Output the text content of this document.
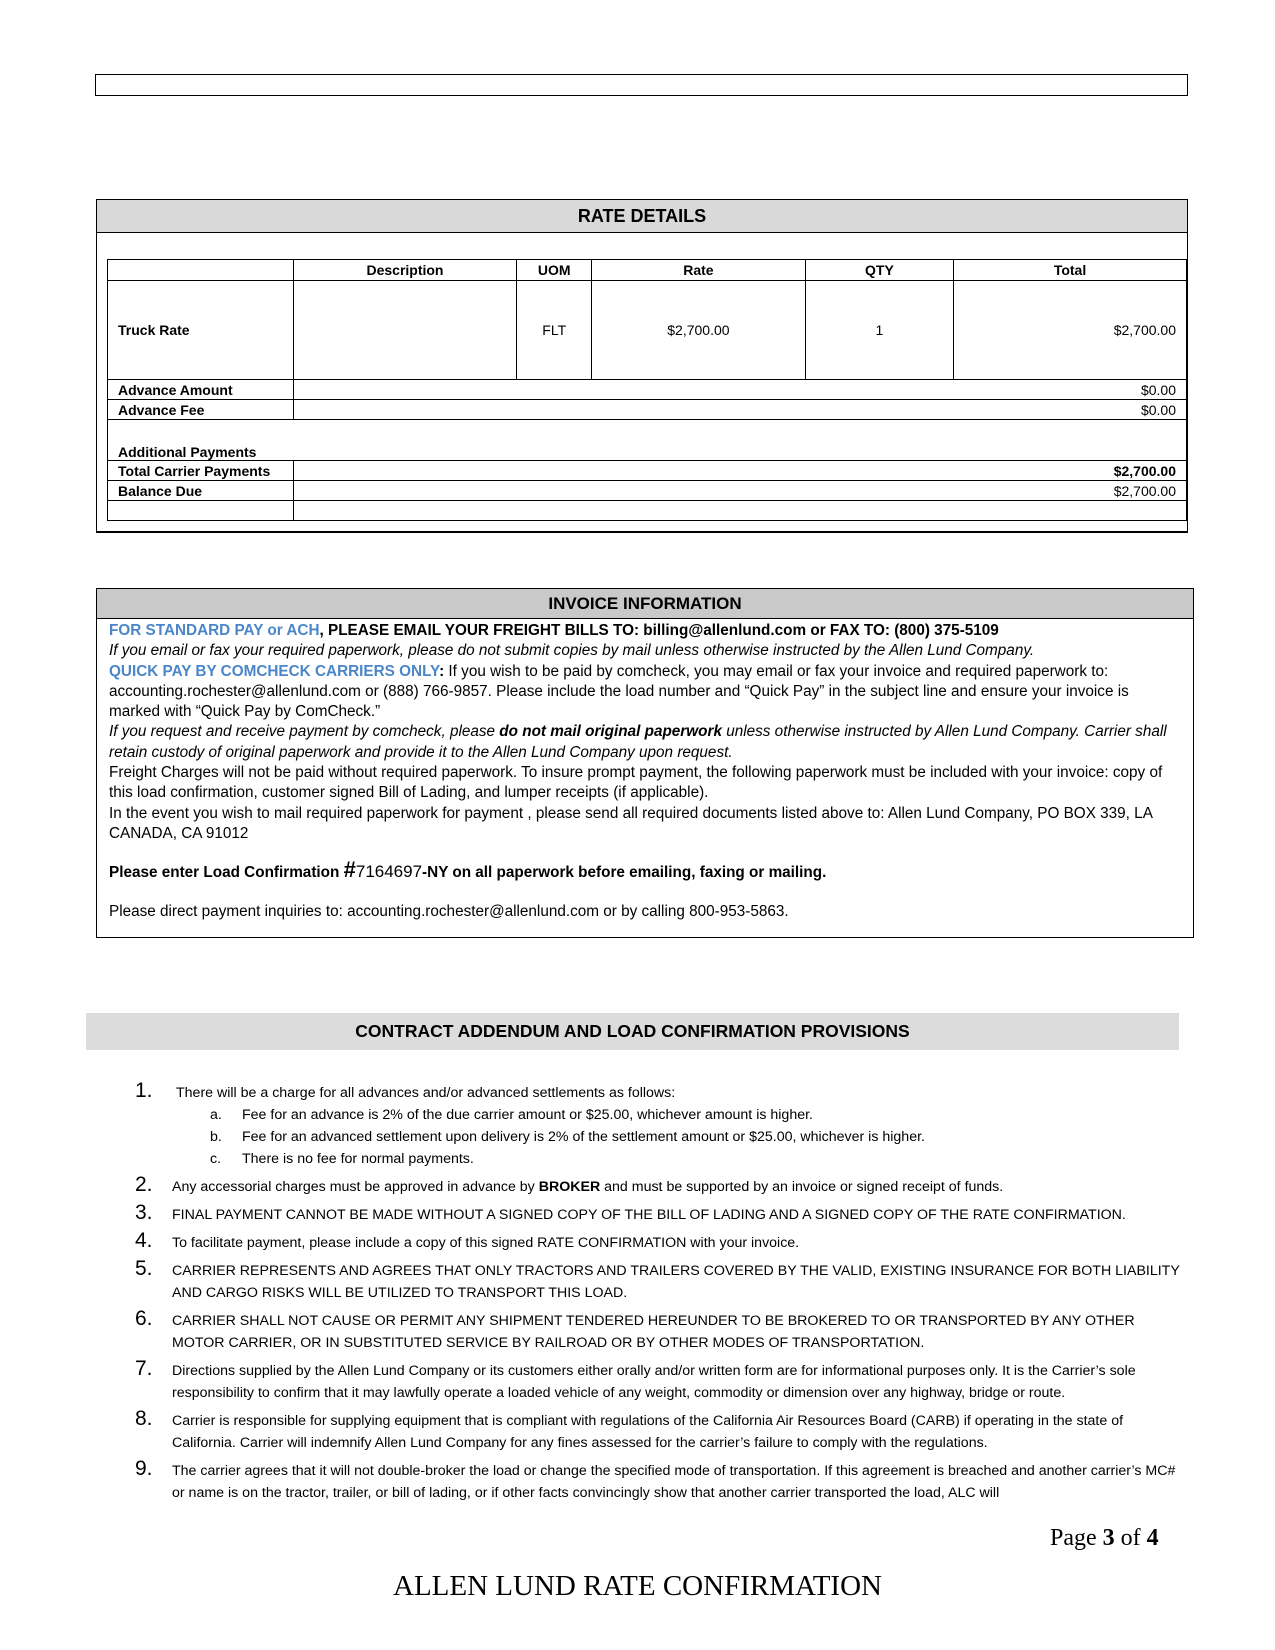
RATE DETAILS
	Description	UOM	Rate	QTY	Total
Truck Rate		FLT	$2,700.00	1	$2,700.00
Advance Amount	$0.00				
Advance Fee	$0.00				
Additional Payments					
Total Carrier Payments	$2,700.00				
Balance Due	$2,700.00				

INVOICE INFORMATION

FOR STANDARD PAY or ACH, PLEASE EMAIL YOUR FREIGHT BILLS TO: billing@allenlund.com or FAX TO: (800) 375-5109

If you email or fax your required paperwork, please do not submit copies by mail unless otherwise instructed by the Allen Lund Company.

QUICK PAY BY COMCHECK CARRIERS ONLY: If you wish to be paid by comcheck, you may email or fax your invoice and required paperwork to: accounting.rochester@allenlund.com or (888) 766-9857. Please include the load number and “Quick Pay” in the subject line and ensure your invoice is marked with “Quick Pay by ComCheck.”

If you request and receive payment by comcheck, please do not mail original paperwork unless otherwise instructed by Allen Lund Company. Carrier shall retain custody of original paperwork and provide it to the Allen Lund Company upon request.

Freight Charges will not be paid without required paperwork. To insure prompt payment, the following paperwork must be included with your invoice: copy of this load confirmation, customer signed Bill of Lading, and lumper receipts (if applicable).

In the event you wish to mail required paperwork for payment , please send all required documents listed above to: Allen Lund Company, PO BOX 339, LA CANADA, CA 91012

Please enter Load Confirmation #7164697-NY on all paperwork before emailing, faxing or mailing.

Please direct payment inquiries to: accounting.rochester@allenlund.com or by calling 800-953-5863.

CONTRACT ADDENDUM AND LOAD CONFIRMATION PROVISIONS
1. There will be a charge for all advances and/or advanced settlements as follows:
a. Fee for an advance is 2% of the due carrier amount or $25.00, whichever amount is higher.
b. Fee for an advanced settlement upon delivery is 2% of the settlement amount or $25.00, whichever is higher.
c. There is no fee for normal payments.
2. Any accessorial charges must be approved in advance by BROKER and must be supported by an invoice or signed receipt of funds.
3. FINAL PAYMENT CANNOT BE MADE WITHOUT A SIGNED COPY OF THE BILL OF LADING AND A SIGNED COPY OF THE RATE CONFIRMATION.
4. To facilitate payment, please include a copy of this signed RATE CONFIRMATION with your invoice.
5. CARRIER REPRESENTS AND AGREES THAT ONLY TRACTORS AND TRAILERS COVERED BY THE VALID, EXISTING INSURANCE FOR BOTH LIABILITY AND CARGO RISKS WILL BE UTILIZED TO TRANSPORT THIS LOAD.
6. CARRIER SHALL NOT CAUSE OR PERMIT ANY SHIPMENT TENDERED HEREUNDER TO BE BROKERED TO OR TRANSPORTED BY ANY OTHER MOTOR CARRIER, OR IN SUBSTITUTED SERVICE BY RAILROAD OR BY OTHER MODES OF TRANSPORTATION.
7. Directions supplied by the Allen Lund Company or its customers either orally and/or written form are for informational purposes only. It is the Carrier’s sole responsibility to confirm that it may lawfully operate a loaded vehicle of any weight, commodity or dimension over any highway, bridge or route.
8. Carrier is responsible for supplying equipment that is compliant with regulations of the California Air Resources Board (CARB) if operating in the state of California. Carrier will indemnify Allen Lund Company for any fines assessed for the carrier’s failure to comply with the regulations.
9. The carrier agrees that it will not double-broker the load or change the specified mode of transportation. If this agreement is breached and another carrier’s MC# or name is on the tractor, trailer, or bill of lading, or if other facts convincingly show that another carrier transported the load, ALC will
Page 3 of 4
ALLEN LUND RATE CONFIRMATION
